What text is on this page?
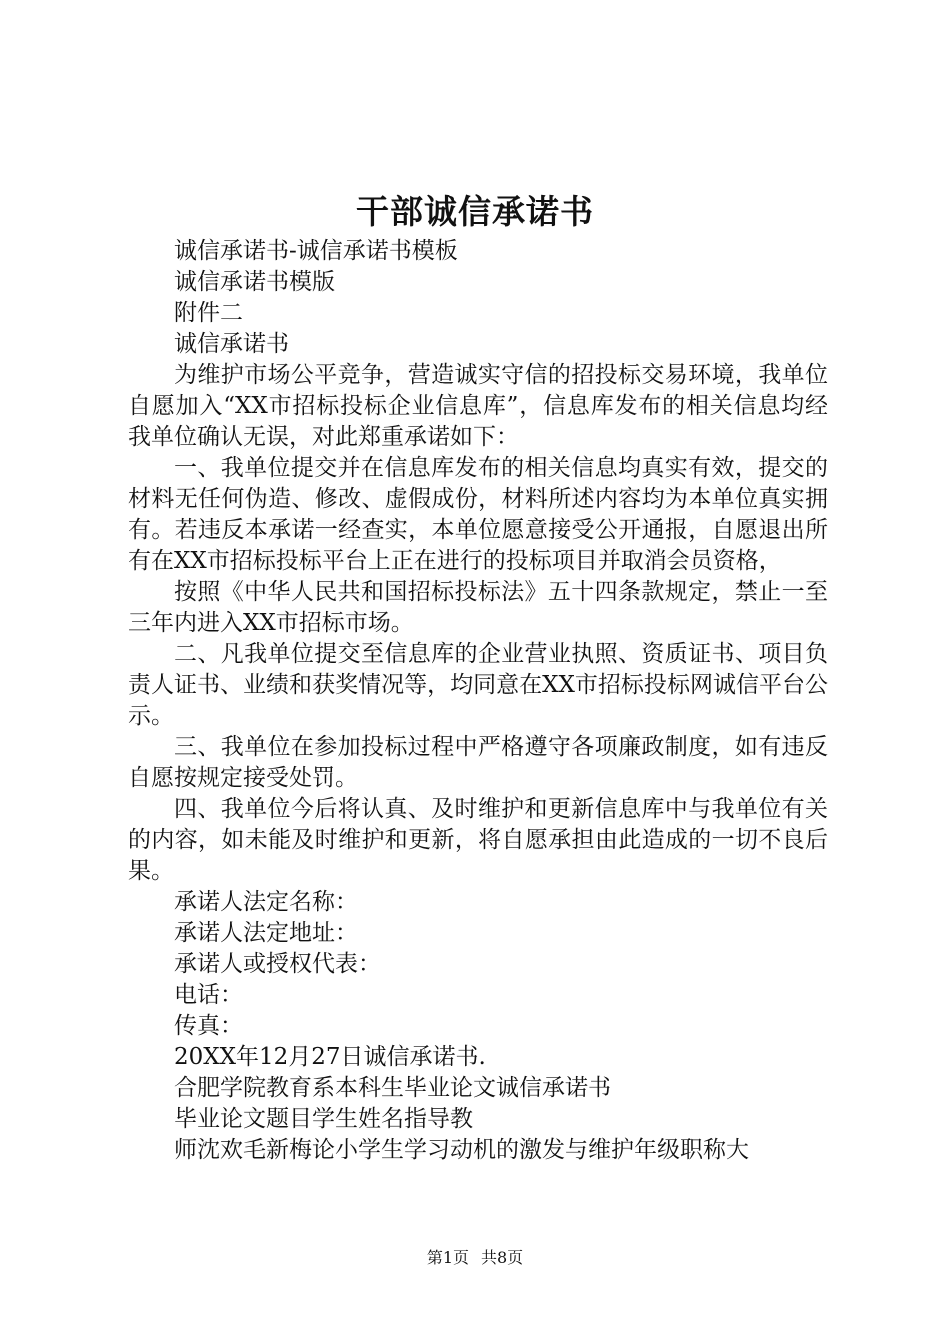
干部诚信承诺书

诚信承诺书-诚信承诺书模板

诚信承诺书模版

附件二

诚信承诺书

为维护市场公平竞争，营造诚实守信的招投标交易环境，我单位自愿加入“XX市招标投标企业信息库”，信息库发布的相关信息均经我单位确认无误，对此郑重承诺如下：

一、我单位提交并在信息库发布的相关信息均真实有效，提交的材料无任何伪造、修改、虚假成份，材料所述内容均为本单位真实拥有。若违反本承诺一经查实，本单位愿意接受公开通报，自愿退出所有在XX市招标投标平台上正在进行的投标项目并取消会员资格，

按照《中华人民共和国招标投标法》五十四条款规定，禁止一至三年内进入XX市招标市场。

二、凡我单位提交至信息库的企业营业执照、资质证书、项目负责人证书、业绩和获奖情况等，均同意在XX市招标投标网诚信平台公示。

三、我单位在参加投标过程中严格遵守各项廉政制度，如有违反自愿按规定接受处罚。

四、我单位今后将认真、及时维护和更新信息库中与我单位有关的内容，如未能及时维护和更新，将自愿承担由此造成的一切不良后果。

承诺人法定名称：

承诺人法定地址：

承诺人或授权代表：

电话：

传真：

20XX年12月27日诚信承诺书.

合肥学院教育系本科生毕业论文诚信承诺书

毕业论文题目学生姓名指导教

师沈欢毛新梅论小学生学习动机的激发与维护年级职称大

第1页 共8页
